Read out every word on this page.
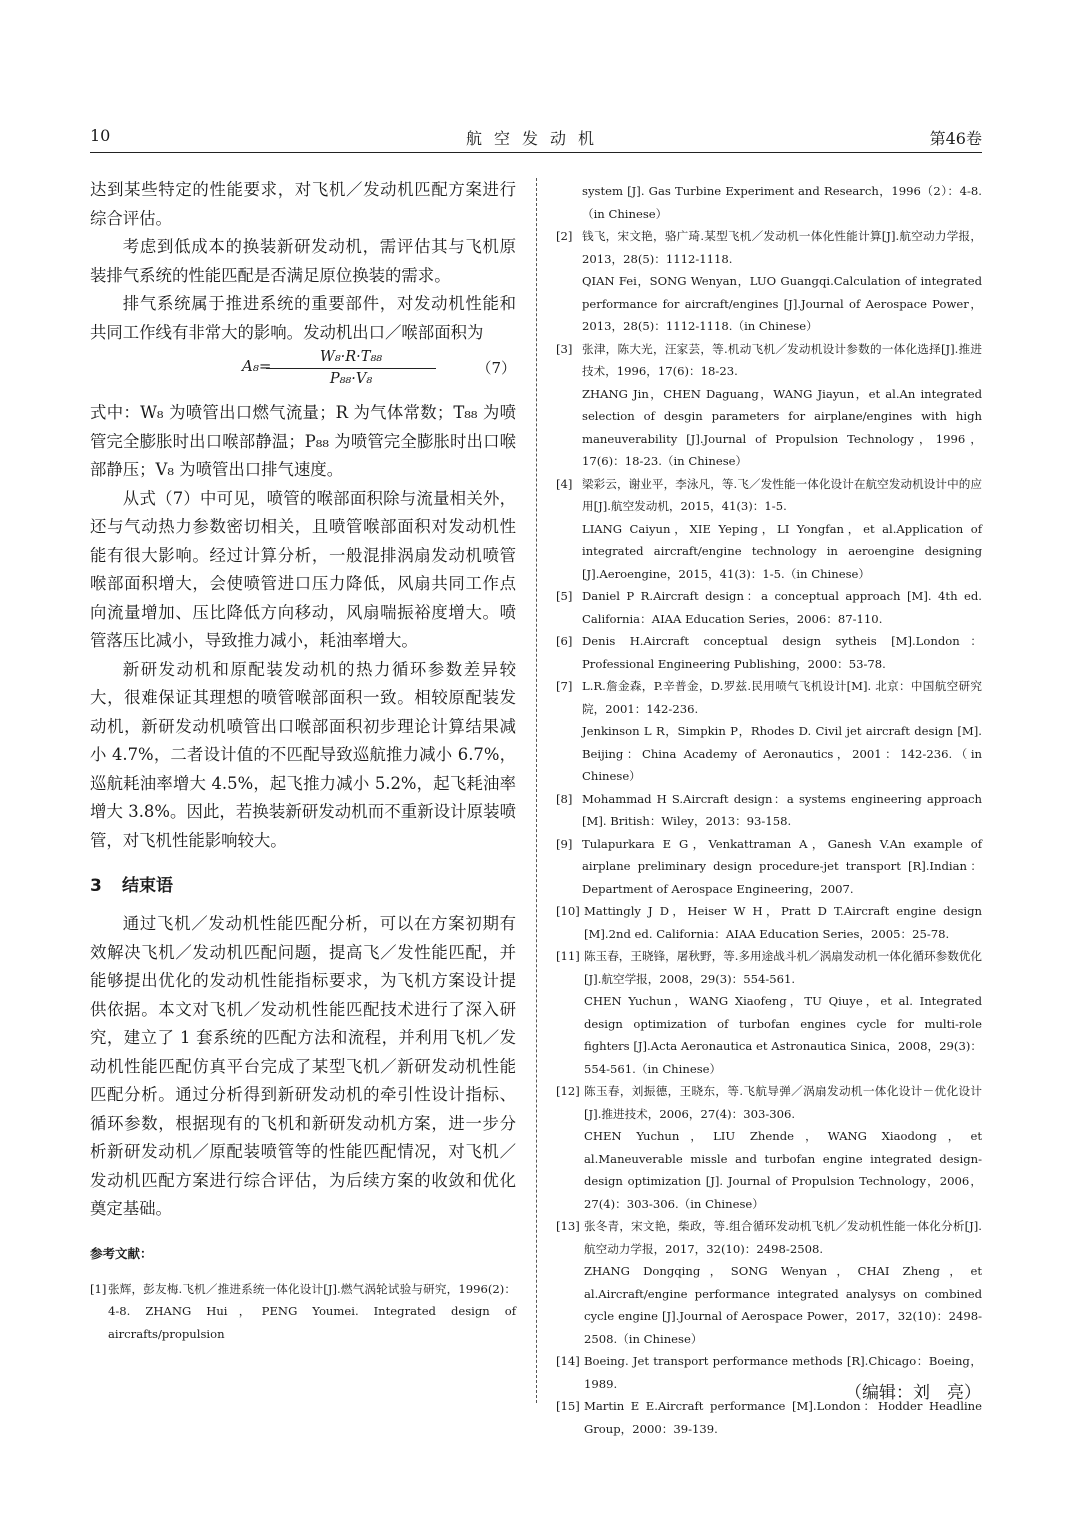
10	航空发动机	第46卷

达到某些特定的性能要求，对飞机／发动机匹配方案进行综合评估。

考虑到低成本的换装新研发动机，需评估其与飞机原装排气系统的性能匹配是否满足原位换装的需求。

排气系统属于推进系统的重要部件，对发动机性能和共同工作线有非常大的影响。发动机出口／喉部面积为

A₈=
$\frac{\text{W₈·R·T₈₈}}{\text{P₈₈·V₈}}$	（7）

式中：W₈ 为喷管出口燃气流量；R 为气体常数；T₈₈ 为喷管完全膨胀时出口喉部静温；P₈₈ 为喷管完全膨胀时出口喉部静压；V₈ 为喷管出口排气速度。

从式（7）中可见，喷管的喉部面积除与流量相关外，还与气动热力参数密切相关，且喷管喉部面积对发动机性能有很大影响。经过计算分析，一般混排涡扇发动机喷管喉部面积增大，会使喷管进口压力降低，风扇共同工作点向流量增加、压比降低方向移动，风扇喘振裕度增大。喷管落压比减小，导致推力减小，耗油率增大。

新研发动机和原配装发动机的热力循环参数差异较大，很难保证其理想的喷管喉部面积一致。相较原配装发动机，新研发动机喷管出口喉部面积初步理论计算结果减小 4.7%，二者设计值的不匹配导致巡航推力减小 6.7%，巡航耗油率增大 4.5%，起飞推力减小 5.2%，起飞耗油率增大 3.8%。因此，若换装新研发动机而不重新设计原装喷管，对飞机性能影响较大。

3 结束语

通过飞机／发动机性能匹配分析，可以在方案初期有效解决飞机／发动机匹配问题，提高飞／发性能匹配，并能够提出优化的发动机性能指标要求，为飞机方案设计提供依据。本文对飞机／发动机性能匹配技术进行了深入研究，建立了 1 套系统的匹配方法和流程，并利用飞机／发动机性能匹配仿真平台完成了某型飞机／新研发动机性能匹配分析。通过分析得到新研发动机的牵引性设计指标、循环参数，根据现有的飞机和新研发动机方案，进一步分析新研发动机／原配装喷管等的性能匹配情况，对飞机／发动机匹配方案进行综合评估，为后续方案的收敛和优化奠定基础。

参考文献：

[1] 张辉，彭友梅.飞机／推进系统一体化设计[J].燃气涡轮试验与研究，1996(2)：4-8. ZHANG Hui，PENG Youmei. Integrated design of aircrafts/propulsion

system [J]. Gas Turbine Experiment and Research，1996（2）：4-8.（in Chinese）

[2] 钱飞，宋文艳，骆广琦.某型飞机／发动机一体化性能计算[J].航空动力学报，2013，28(5)：1112-1118.
QIAN Fei，SONG Wenyan，LUO Guangqi.Calculation of integrated performance for aircraft/engines [J].Journal of Aerospace Power，2013，28(5)：1112-1118.（in Chinese）

[3] 张津，陈大光，汪家芸，等.机动飞机／发动机设计参数的一体化选择[J].推进技术，1996，17(6)：18-23.
ZHANG Jin，CHEN Daguang，WANG Jiayun，et al.An integrated selection of desgin parameters for airplane/engines with high maneuverability [J].Journal of Propulsion Technology，1996，17(6)：18-23.（in Chinese）

[4] 梁彩云，谢业平，李泳凡，等.飞／发性能一体化设计在航空发动机设计中的应用[J].航空发动机，2015，41(3)：1-5.
LIANG Caiyun，XIE Yeping，LI Yongfan，et al.Application of integrated aircraft/engine technology in aeroengine designing [J].Aeroengine，2015，41(3)：1-5.（in Chinese）

[5] Daniel P R.Aircraft design：a conceptual approach [M]. 4th ed. California：AIAA Education Series，2006：87-110.

[6] Denis H.Aircraft conceptual design sytheis [M].London：Professional Engineering Publishing，2000：53-78.

[7] L.R.詹金森，P.辛普金，D.罗兹.民用喷气飞机设计[M]. 北京：中国航空研究院，2001：142-236.
Jenkinson L R，Simpkin P，Rhodes D. Civil jet aircraft design [M]. Beijing：China Academy of Aeronautics，2001：142-236.（in Chinese）

[8] Mohammad H S.Aircraft design：a systems engineering approach [M]. British：Wiley，2013：93-158.

[9] Tulapurkara E G，Venkattraman A，Ganesh V.An example of airplane preliminary design procedure-jet transport [R].Indian：Department of Aerospace Engineering，2007.

[10] Mattingly J D，Heiser W H，Pratt D T.Aircraft engine design [M].2nd ed. California：AIAA Education Series，2005：25-78.

[11] 陈玉春，王晓锋，屠秋野，等.多用途战斗机／涡扇发动机一体化循环参数优化[J].航空学报，2008，29(3)：554-561.
CHEN Yuchun，WANG Xiaofeng，TU Qiuye，et al. Integrated design optimization of turbofan engines cycle for multi-role fighters [J].Acta Aeronautica et Astronautica Sinica，2008，29(3)：554-561.（in Chinese）

[12] 陈玉春，刘振德，王晓东，等.飞航导弹／涡扇发动机一体化设计－优化设计[J].推进技术，2006，27(4)：303-306.
CHEN Yuchun，LIU Zhende，WANG Xiaodong，et al.Maneuverable missle and turbofan engine integrated design-design optimization [J]. Journal of Propulsion Technology，2006，27(4)：303-306.（in Chinese）

[13] 张冬青，宋文艳，柴政，等.组合循环发动机飞机／发动机性能一体化分析[J].航空动力学报，2017，32(10)：2498-2508.
ZHANG Dongqing，SONG Wenyan，CHAI Zheng，et al.Aircraft/engine performance integrated analysys on combined cycle engine [J].Journal of Aerospace Power，2017，32(10)：2498-2508.（in Chinese）

[14] Boeing. Jet transport performance methods [R].Chicago：Boeing，1989.

[15] Martin E E.Aircraft performance [M].London：Hodder Headline Group，2000：39-139.

（编辑：刘　亮）
